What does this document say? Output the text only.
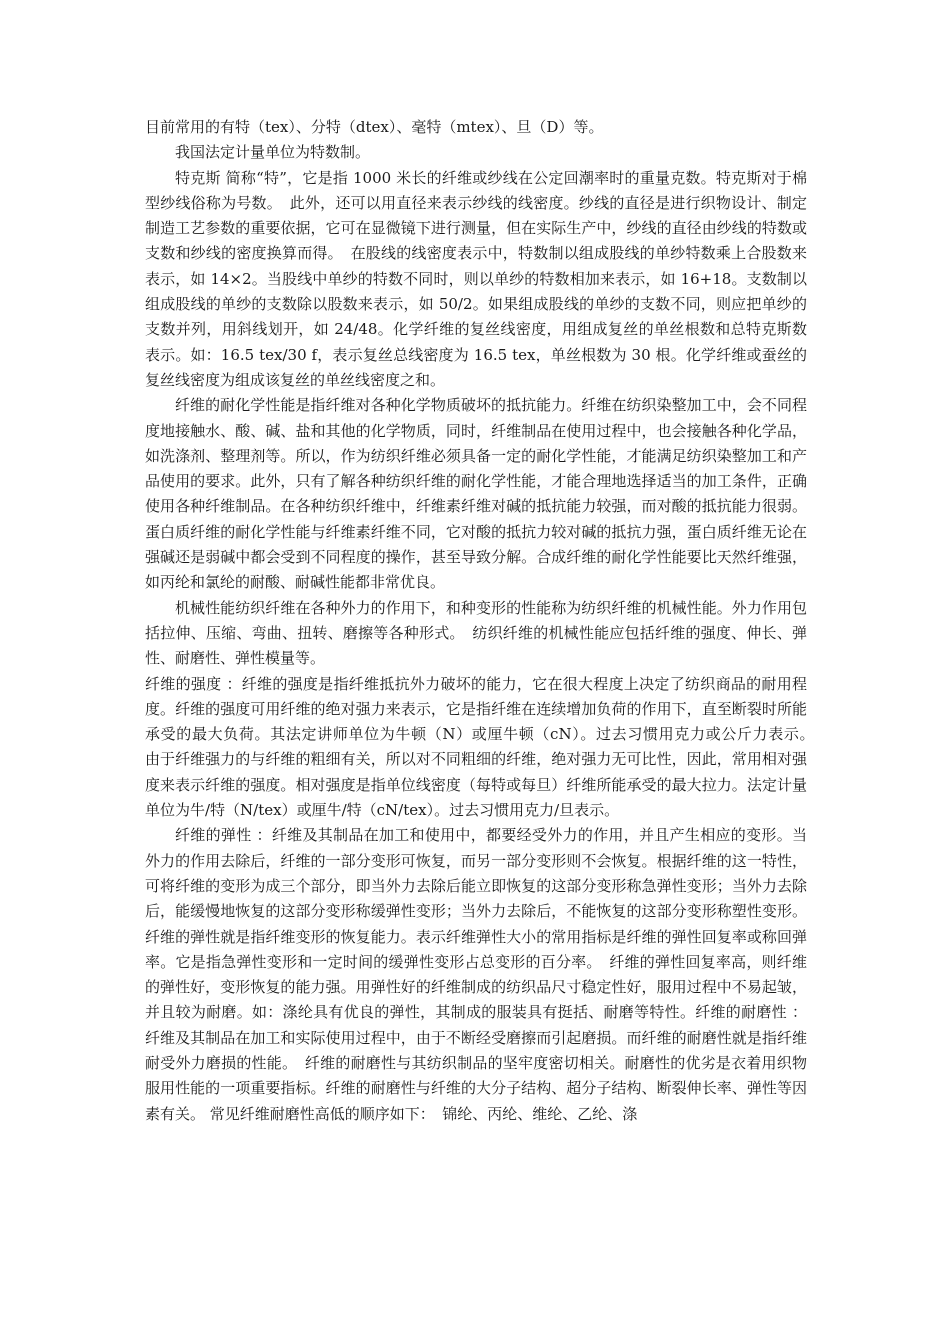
目前常用的有特（tex）、分特（dtex）、毫特（mtex）、旦（D）等。

我国法定计量单位为特数制。

特克斯 简称“特”，它是指 1000 米长的纤维或纱线在公定回潮率时的重量克数。特克斯对于棉型纱线俗称为号数。　此外，还可以用直径来表示纱线的线密度。纱线的直径是进行织物设计、制定制造工艺参数的重要依据，它可在显微镜下进行测量，但在实际生产中，纱线的直径由纱线的特数或支数和纱线的密度换算而得。　在股线的线密度表示中，特数制以组成股线的单纱特数乘上合股数来表示，如 14×2。当股线中单纱的特数不同时，则以单纱的特数相加来表示，如 16+18。支数制以组成股线的单纱的支数除以股数来表示，如 50/2。如果组成股线的单纱的支数不同，则应把单纱的支数并列，用斜线划开，如 24/48。化学纤维的复丝线密度，用组成复丝的单丝根数和总特克斯数表示。如：16.5 tex/30 f，表示复丝总线密度为 16.5 tex，单丝根数为 30 根。化学纤维或蚕丝的复丝线密度为组成该复丝的单丝线密度之和。

纤维的耐化学性能是指纤维对各种化学物质破坏的抵抗能力。纤维在纺织染整加工中，会不同程度地接触水、酸、碱、盐和其他的化学物质，同时，纤维制品在使用过程中，也会接触各种化学品，如洗涤剂、整理剂等。所以，作为纺织纤维必须具备一定的耐化学性能，才能满足纺织染整加工和产品使用的要求。此外，只有了解各种纺织纤维的耐化学性能，才能合理地选择适当的加工条件，正确使用各种纤维制品。在各种纺织纤维中，纤维素纤维对碱的抵抗能力较强，而对酸的抵抗能力很弱。蛋白质纤维的耐化学性能与纤维素纤维不同，它对酸的抵抗力较对碱的抵抗力强，蛋白质纤维无论在强碱还是弱碱中都会受到不同程度的操作，甚至导致分解。合成纤维的耐化学性能要比天然纤维强，如丙纶和氯纶的耐酸、耐碱性能都非常优良。

机械性能纺织纤维在各种外力的作用下，和种变形的性能称为纺织纤维的机械性能。外力作用包括拉伸、压缩、弯曲、扭转、磨擦等各种形式。　纺织纤维的机械性能应包括纤维的强度、伸长、弹性、耐磨性、弹性模量等。

纤维的强度 ：纤维的强度是指纤维抵抗外力破坏的能力，它在很大程度上决定了纺织商品的耐用程度。纤维的强度可用纤维的绝对强力来表示，它是指纤维在连续增加负荷的作用下，直至断裂时所能承受的最大负荷。其法定讲师单位为牛顿（N）或厘牛顿（cN）。过去习惯用克力或公斤力表示。　由于纤维强力的与纤维的粗细有关，所以对不同粗细的纤维，绝对强力无可比性，因此，常用相对强度来表示纤维的强度。相对强度是指单位线密度（每特或每旦）纤维所能承受的最大拉力。法定计量单位为牛/特（N/tex）或厘牛/特（cN/tex）。过去习惯用克力/旦表示。

纤维的弹性 ：纤维及其制品在加工和使用中，都要经受外力的作用，并且产生相应的变形。当外力的作用去除后，纤维的一部分变形可恢复，而另一部分变形则不会恢复。根据纤维的这一特性，可将纤维的变形为成三个部分，即当外力去除后能立即恢复的这部分变形称急弹性变形；当外力去除后，能缓慢地恢复的这部分变形称缓弹性变形；当外力去除后，不能恢复的这部分变形称塑性变形。纤维的弹性就是指纤维变形的恢复能力。表示纤维弹性大小的常用指标是纤维的弹性回复率或称回弹率。它是指急弹性变形和一定时间的缓弹性变形占总变形的百分率。　纤维的弹性回复率高，则纤维的弹性好，变形恢复的能力强。用弹性好的纤维制成的纺织品尺寸稳定性好，服用过程中不易起皱，并且较为耐磨。如：涤纶具有优良的弹性，其制成的服装具有挺括、耐磨等特性。纤维的耐磨性 ：纤维及其制品在加工和实际使用过程中，由于不断经受磨擦而引起磨损。而纤维的耐磨性就是指纤维耐受外力磨损的性能。　纤维的耐磨性与其纺织制品的坚牢度密切相关。耐磨性的优劣是衣着用织物服用性能的一项重要指标。纤维的耐磨性与纤维的大分子结构、超分子结构、断裂伸长率、弹性等因素有关。 常见纤维耐磨性高低的顺序如下：　锦纶、丙纶、维纶、乙纶、涤
